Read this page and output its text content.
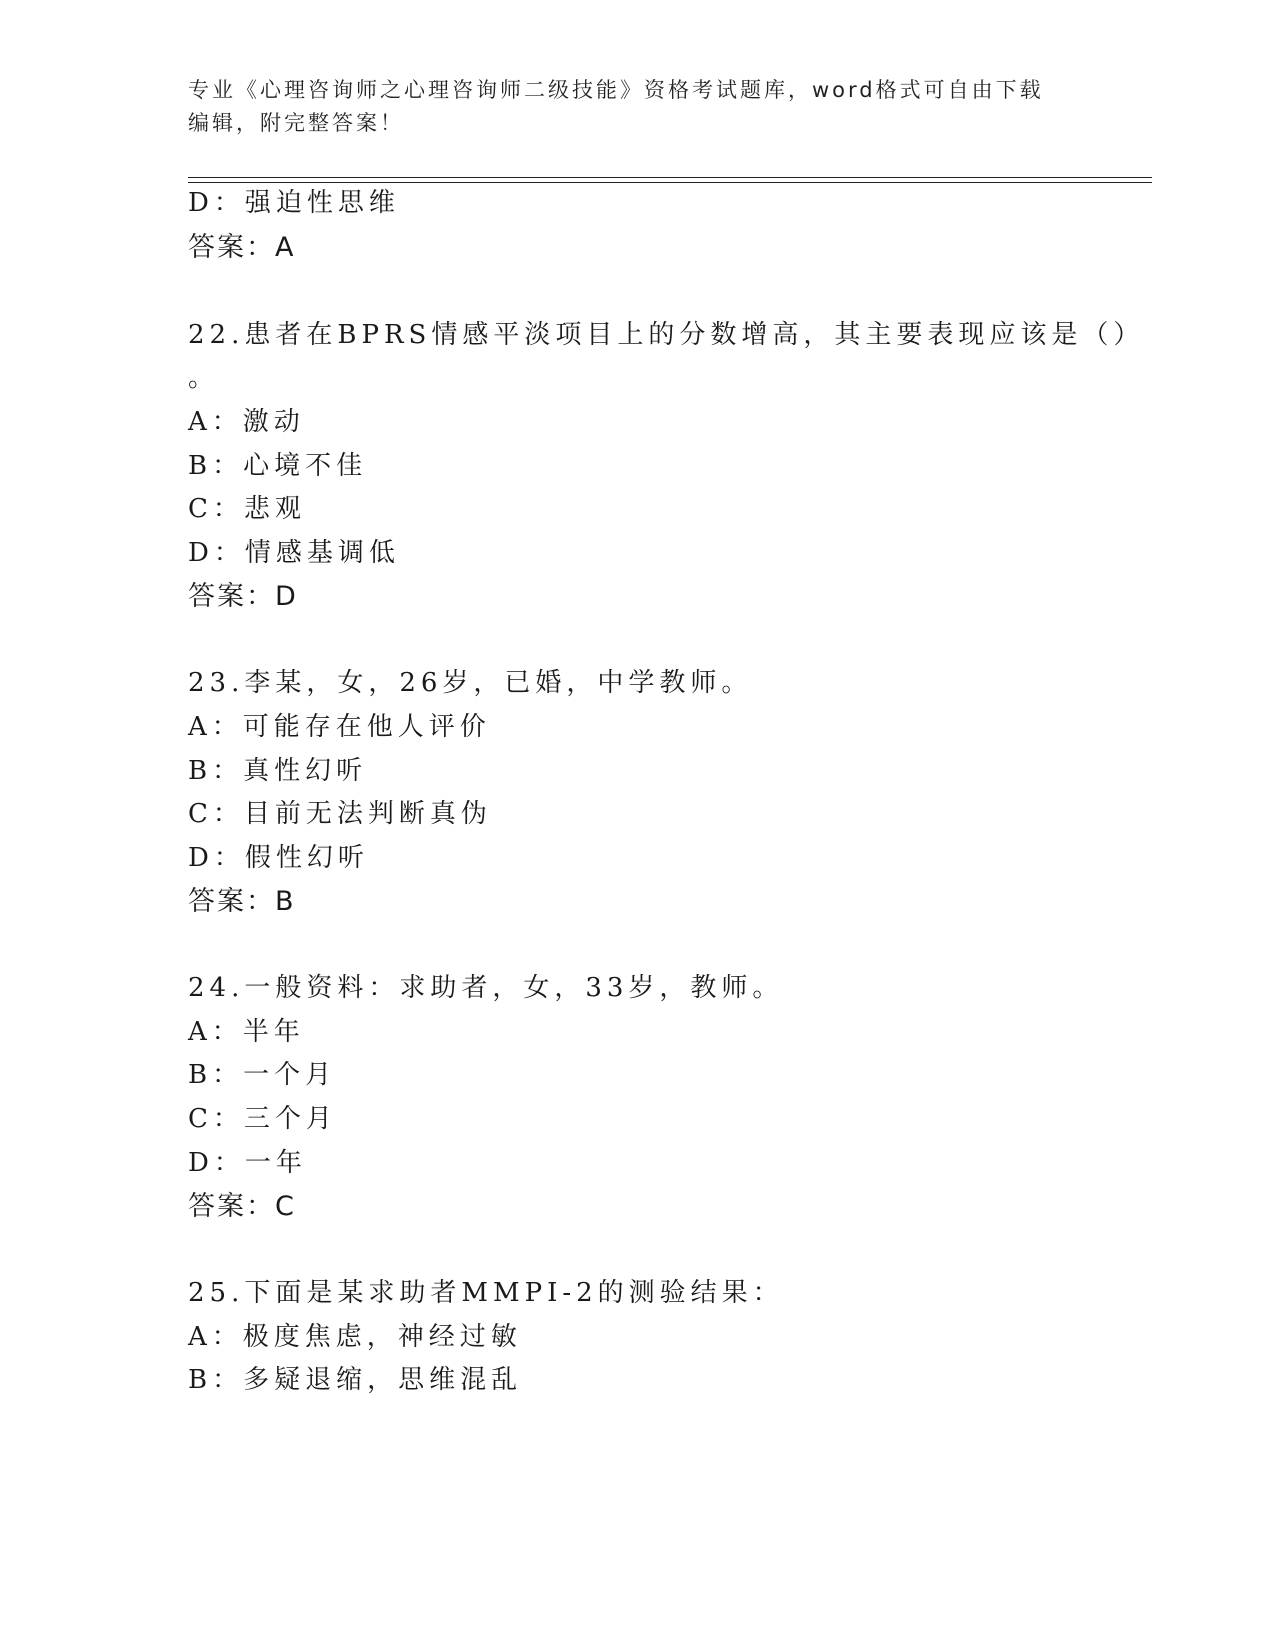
专业《心理咨询师之心理咨询师二级技能》资格考试题库，word格式可自由下载
编辑，附完整答案！
D：强迫性思维
答案：A
22.患者在BPRS情感平淡项目上的分数增高，其主要表现应该是（）
。
A：激动
B：心境不佳
C：悲观
D：情感基调低
答案：D
23.李某，女，26岁，已婚，中学教师。
A：可能存在他人评价
B：真性幻听
C：目前无法判断真伪
D：假性幻听
答案：B
24.一般资料：求助者，女，33岁，教师。
A：半年
B：一个月
C：三个月
D：一年
答案：C
25.下面是某求助者MMPI-2的测验结果：
A：极度焦虑，神经过敏
B：多疑退缩，思维混乱
